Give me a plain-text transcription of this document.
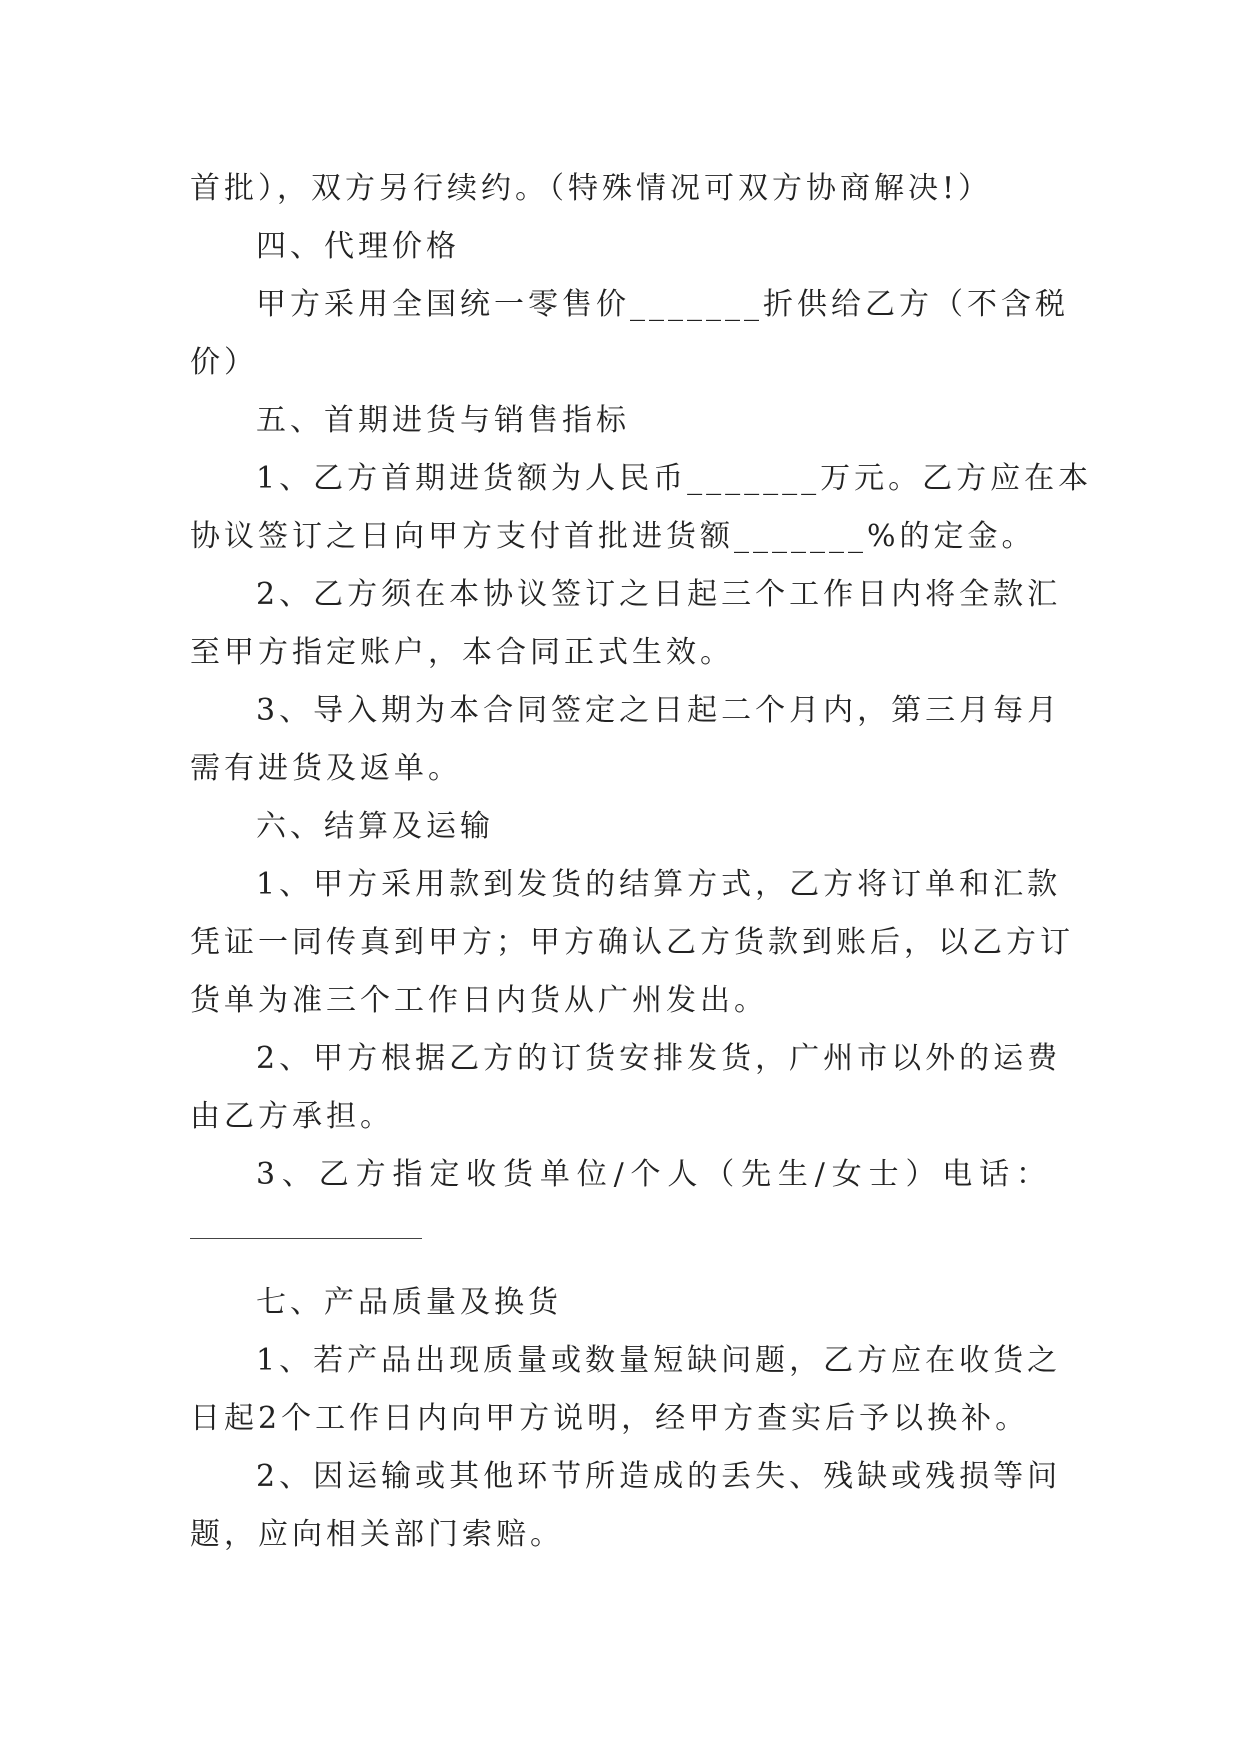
首批），双方另行续约。（特殊情况可双方协商解决!）
四、代理价格
甲方采用全国统一零售价_______折供给乙方（不含税
价）
五、首期进货与销售指标
1、乙方首期进货额为人民币_______万元。乙方应在本
协议签订之日向甲方支付首批进货额_______%的定金。
2、乙方须在本协议签订之日起三个工作日内将全款汇
至甲方指定账户，本合同正式生效。
3、导入期为本合同签定之日起二个月内，第三月每月
需有进货及返单。
六、结算及运输
1、甲方采用款到发货的结算方式，乙方将订单和汇款
凭证一同传真到甲方；甲方确认乙方货款到账后，以乙方订
货单为准三个工作日内货从广州发出。
2、甲方根据乙方的订货安排发货，广州市以外的运费
由乙方承担。
3、乙方指定收货单位/个人（先生/女士）电话：
七、产品质量及换货
1、若产品出现质量或数量短缺问题，乙方应在收货之
日起2个工作日内向甲方说明，经甲方查实后予以换补。
2、因运输或其他环节所造成的丢失、残缺或残损等问
题，应向相关部门索赔。
